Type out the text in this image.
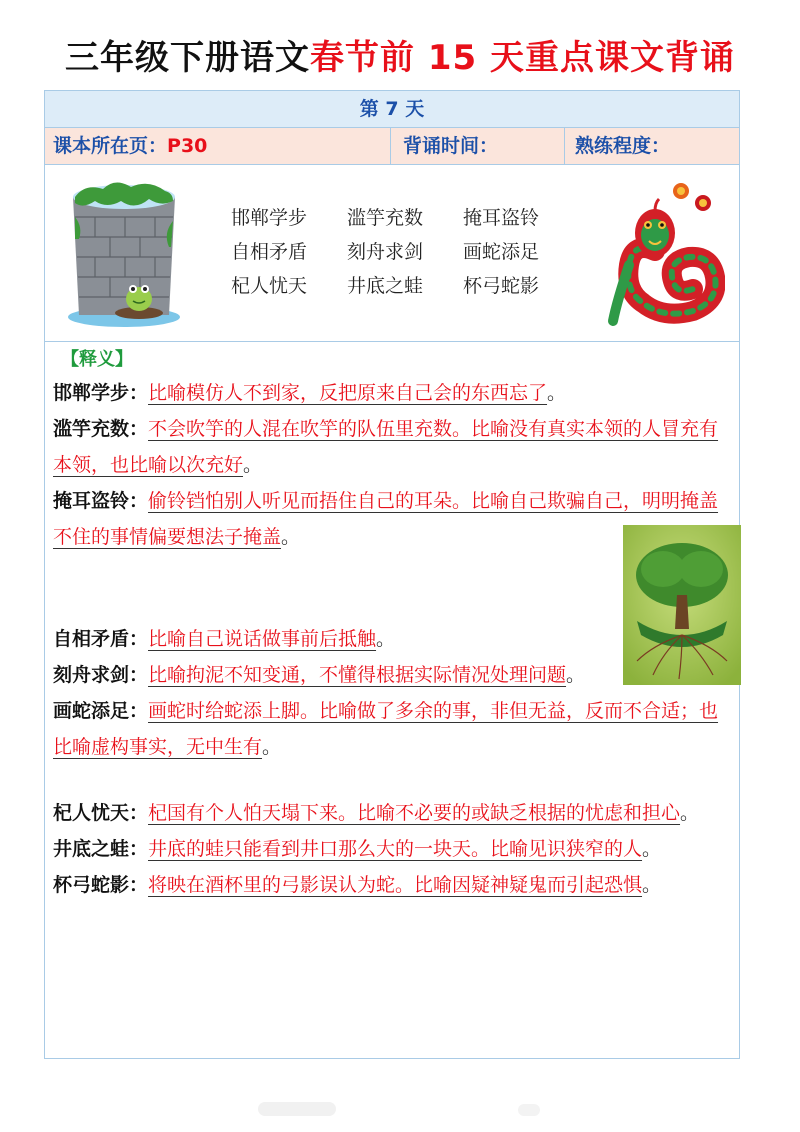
三年级下册语文春节前 15 天重点课文背诵
第 7 天
课本所在页：P30	背诵时间：	熟练程度：
邯郸学步	滥竽充数	掩耳盗铃
自相矛盾	刻舟求剑	画蛇添足
杞人忧天	井底之蛙	杯弓蛇影
【释义】

邯郸学步：比喻模仿人不到家，反把原来自己会的东西忘了。

滥竽充数：不会吹竽的人混在吹竽的队伍里充数。比喻没有真实本领的人冒充有本领，也比喻以次充好。

掩耳盗铃：偷铃铛怕别人听见而捂住自己的耳朵。比喻自己欺骗自己，明明掩盖不住的事情偏要想法子掩盖。

自相矛盾：比喻自己说话做事前后抵触。

刻舟求剑：比喻拘泥不知变通，不懂得根据实际情况处理问题。

画蛇添足：画蛇时给蛇添上脚。比喻做了多余的事，非但无益，反而不合适；也比喻虚构事实，无中生有。

杞人忧天：杞国有个人怕天塌下来。比喻不必要的或缺乏根据的忧虑和担心。

井底之蛙：井底的蛙只能看到井口那么大的一块天。比喻见识狭窄的人。

杯弓蛇影：将映在酒杯里的弓影误认为蛇。比喻因疑神疑鬼而引起恐惧。
